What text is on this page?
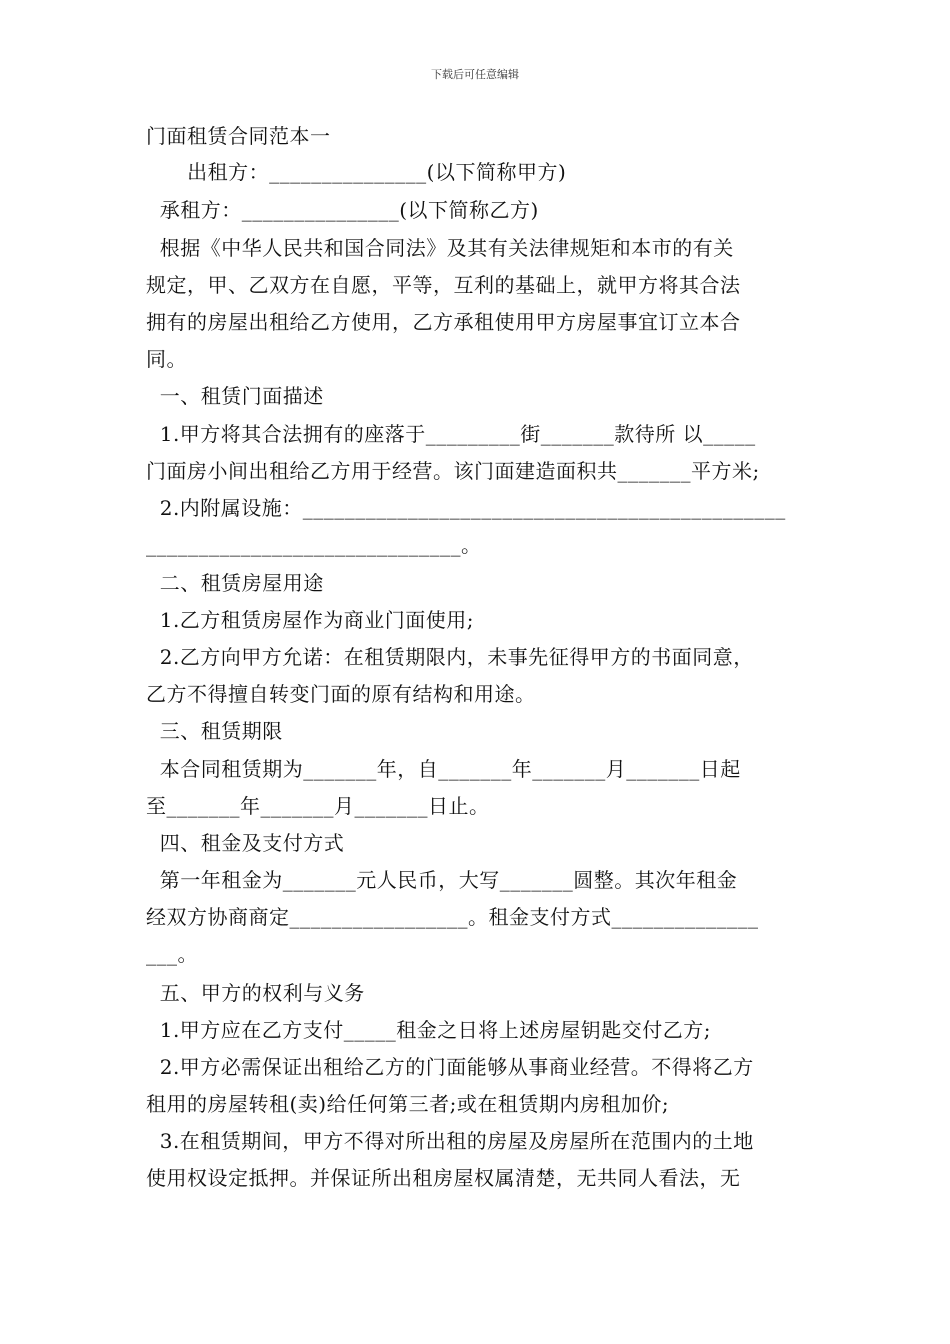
下载后可任意编辑
门面租赁合同范本一
出租方：_______________(以下简称甲方)
承租方：_______________(以下简称乙方)
根据《中华人民共和国合同法》及其有关法律规矩和本市的有关
规定，甲、乙双方在自愿，平等，互利的基础上，就甲方将其合法
拥有的房屋出租给乙方使用，乙方承租使用甲方房屋事宜订立本合
同。
一、租赁门面描述
1.甲方将其合法拥有的座落于_________街_______款待所 以_____
门面房小间出租给乙方用于经营。该门面建造面积共_______平方米;
2.内附属设施：______________________________________________
______________________________。
二、租赁房屋用途
1.乙方租赁房屋作为商业门面使用;
2.乙方向甲方允诺：在租赁期限内，未事先征得甲方的书面同意，
乙方不得擅自转变门面的原有结构和用途。
三、租赁期限
本合同租赁期为_______年，自_______年_______月_______日起
至_______年_______月_______日止。
四、租金及支付方式
第一年租金为_______元人民币，大写_______圆整。其次年租金
经双方协商商定_________________。租金支付方式______________
___。
五、甲方的权利与义务
1.甲方应在乙方支付_____租金之日将上述房屋钥匙交付乙方;
2.甲方必需保证出租给乙方的门面能够从事商业经营。不得将乙方
租用的房屋转租(卖)给任何第三者;或在租赁期内房租加价;
3.在租赁期间，甲方不得对所出租的房屋及房屋所在范围内的土地
使用权设定抵押。并保证所出租房屋权属清楚，无共同人看法，无
